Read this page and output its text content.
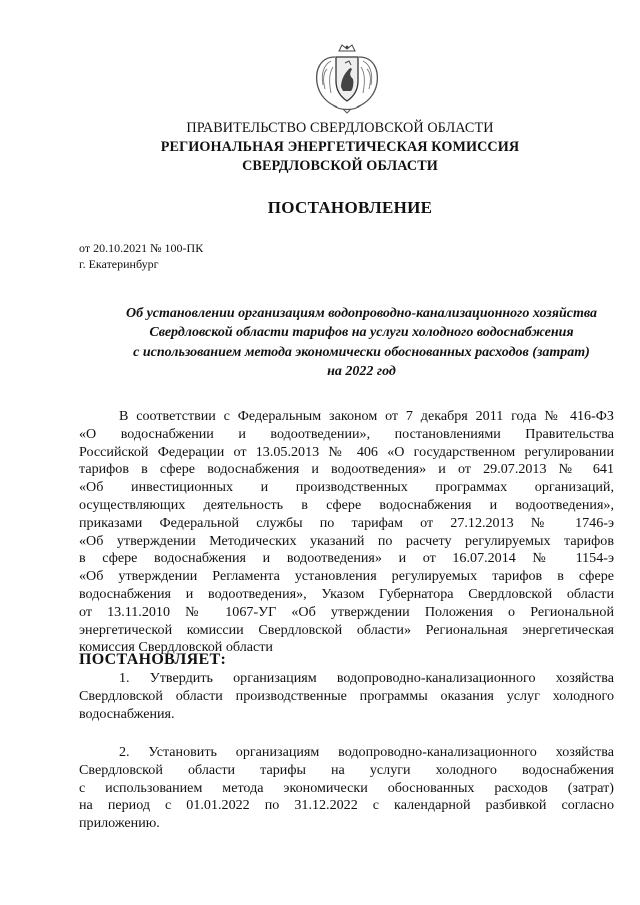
ПРАВИТЕЛЬСТВО СВЕРДЛОВСКОЙ ОБЛАСТИ
РЕГИОНАЛЬНАЯ ЭНЕРГЕТИЧЕСКАЯ КОМИССИЯ
СВЕРДЛОВСКОЙ ОБЛАСТИ
ПОСТАНОВЛЕНИЕ
от 20.10.2021 № 100-ПК
г. Екатеринбург
Об установлении организациям водопроводно-канализационного хозяйства
Свердловской области тарифов на услуги холодного водоснабжения
с использованием метода экономически обоснованных расходов (затрат)
на 2022 год
В соответствии с Федеральным законом от 7 декабря 2011 года № 416-ФЗ
«О водоснабжении и водоотведении», постановлениями Правительства
Российской Федерации от 13.05.2013 № 406 «О государственном регулировании
тарифов в сфере водоснабжения и водоотведения» и от 29.07.2013 № 641
«Об инвестиционных и производственных программах организаций,
осуществляющих деятельность в сфере водоснабжения и водоотведения»,
приказами Федеральной службы по тарифам от 27.12.2013 № 1746-э
«Об утверждении Методических указаний по расчету регулируемых тарифов
в сфере водоснабжения и водоотведения» и от 16.07.2014 № 1154-э
«Об утверждении Регламента установления регулируемых тарифов в сфере
водоснабжения и водоотведения», Указом Губернатора Свердловской области
от 13.11.2010 № 1067-УГ «Об утверждении Положения о Региональной
энергетической комиссии Свердловской области» Региональная энергетическая
комиссия Свердловской области
ПОСТАНОВЛЯЕТ:
1. Утвердить организациям водопроводно-канализационного хозяйства
Свердловской области производственные программы оказания услуг холодного
водоснабжения.
2. Установить организациям водопроводно-канализационного хозяйства
Свердловской области тарифы на услуги холодного водоснабжения
с использованием метода экономически обоснованных расходов (затрат)
на период с 01.01.2022 по 31.12.2022 с календарной разбивкой согласно
приложению.
